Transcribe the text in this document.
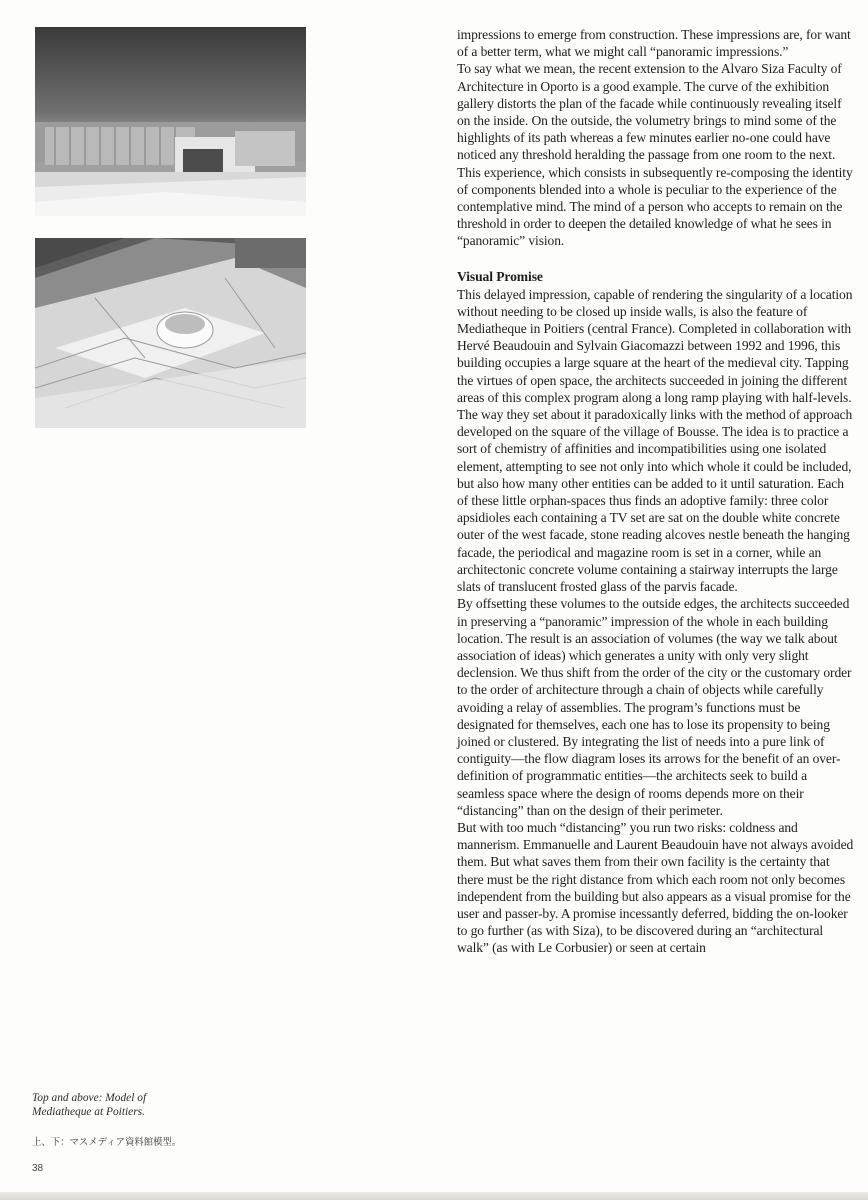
impressions to emerge from construction. These impressions are, for want of a better term, what we might call “panoramic impressions.”

To say what we mean, the recent extension to the Alvaro Siza Faculty of Architecture in Oporto is a good example. The curve of the exhibition gallery distorts the plan of the facade while continuously revealing itself on the inside. On the outside, the volumetry brings to mind some of the highlights of its path whereas a few minutes earlier no-one could have noticed any threshold heralding the passage from one room to the next. This experience, which consists in subsequently re-composing the identity of components blended into a whole is peculiar to the experience of the contemplative mind. The mind of a person who accepts to remain on the threshold in order to deepen the detailed knowledge of what he sees in “panoramic” vision.

Visual Promise

This delayed impression, capable of rendering the singularity of a location without needing to be closed up inside walls, is also the feature of Mediatheque in Poitiers (central France). Completed in collaboration with Hervé Beaudouin and Sylvain Giacomazzi between 1992 and 1996, this building occupies a large square at the heart of the medieval city. Tapping the virtues of open space, the architects succeeded in joining the different areas of this complex program along a long ramp playing with half-levels. The way they set about it paradoxically links with the method of approach developed on the square of the village of Bousse. The idea is to practice a sort of chemistry of affinities and incompatibilities using one isolated element, attempting to see not only into which whole it could be included, but also how many other entities can be added to it until saturation. Each of these little orphan-spaces thus finds an adoptive family: three color apsidioles each containing a TV set are sat on the double white concrete outer of the west facade, stone reading alcoves nestle beneath the hanging facade, the periodical and magazine room is set in a corner, while an architectonic concrete volume containing a stairway interrupts the large slats of translucent frosted glass of the parvis facade.

By offsetting these volumes to the outside edges, the architects succeeded in preserving a “panoramic” impression of the whole in each building location. The result is an association of volumes (the way we talk about association of ideas) which generates a unity with only very slight declension. We thus shift from the order of the city or the customary order to the order of architecture through a chain of objects while carefully avoiding a relay of assemblies. The program’s functions must be designated for themselves, each one has to lose its propensity to being joined or clustered. By integrating the list of needs into a pure link of contiguity—the flow diagram loses its arrows for the benefit of an over-definition of programmatic entities—the architects seek to build a seamless space where the design of rooms depends more on their “distancing” than on the design of their perimeter.

But with too much “distancing” you run two risks: coldness and mannerism. Emmanuelle and Laurent Beaudouin have not always avoided them. But what saves them from their own facility is the certainty that there must be the right distance from which each room not only becomes independent from the building but also appears as a visual promise for the user and passer-by. A promise incessantly deferred, bidding the on-looker to go further (as with Siza), to be discovered during an “architectural walk” (as with Le Corbusier) or seen at certain

Top and above: Model of
Mediatheque at Poitiers.
上、下：マスメディア資料館模型。
38
